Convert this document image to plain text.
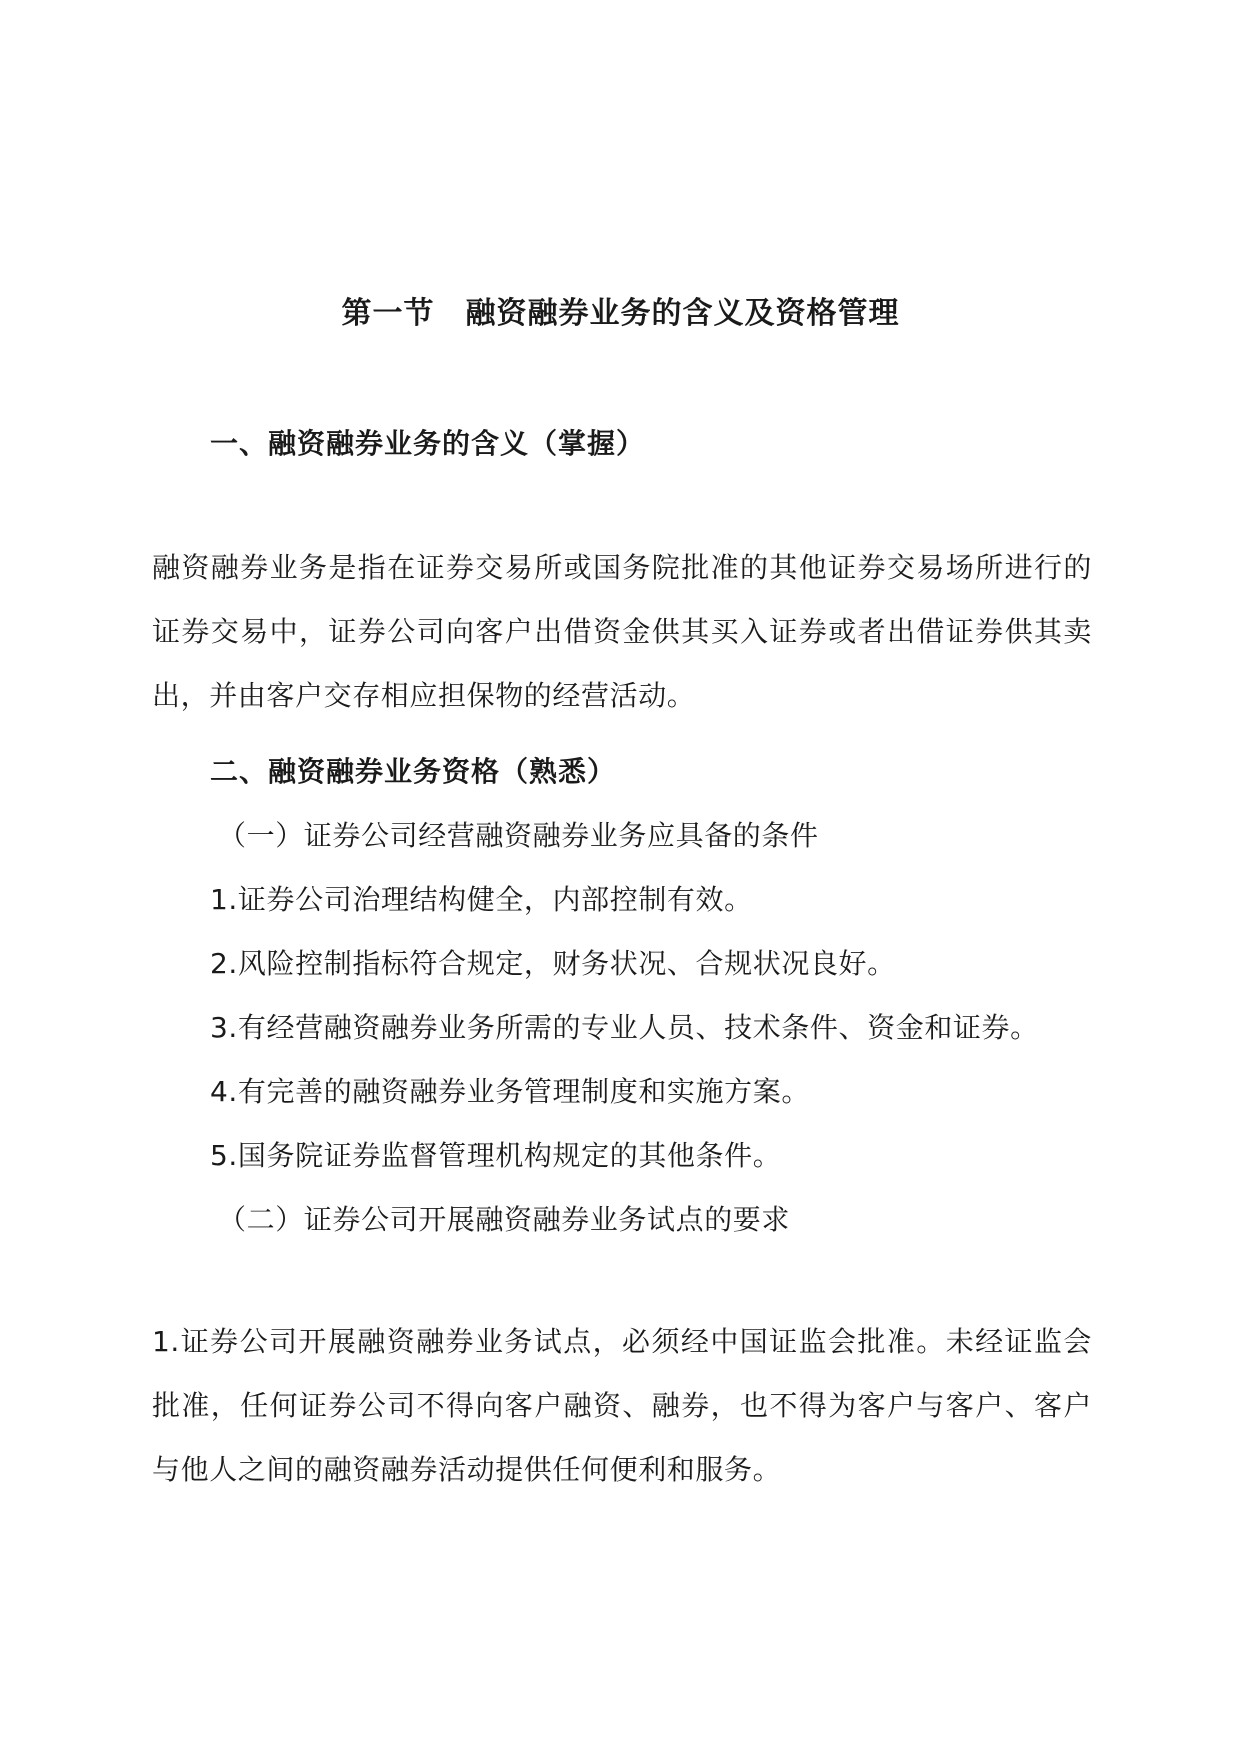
第一节　融资融券业务的含义及资格管理
一、融资融券业务的含义（掌握）

融资融券业务是指在证券交易所或国务院批准的其他证券交易场所进行的证券交易中，证券公司向客户出借资金供其买入证券或者出借证券供其卖出，并由客户交存相应担保物的经营活动。

二、融资融券业务资格（熟悉）

（一）证券公司经营融资融券业务应具备的条件

1.证券公司治理结构健全，内部控制有效。

2.风险控制指标符合规定，财务状况、合规状况良好。

3.有经营融资融券业务所需的专业人员、技术条件、资金和证券。

4.有完善的融资融券业务管理制度和实施方案。

5.国务院证券监督管理机构规定的其他条件。

（二）证券公司开展融资融券业务试点的要求

1.证券公司开展融资融券业务试点，必须经中国证监会批准。未经证监会批准，任何证券公司不得向客户融资、融券，也不得为客户与客户、客户与他人之间的融资融券活动提供任何便利和服务。
